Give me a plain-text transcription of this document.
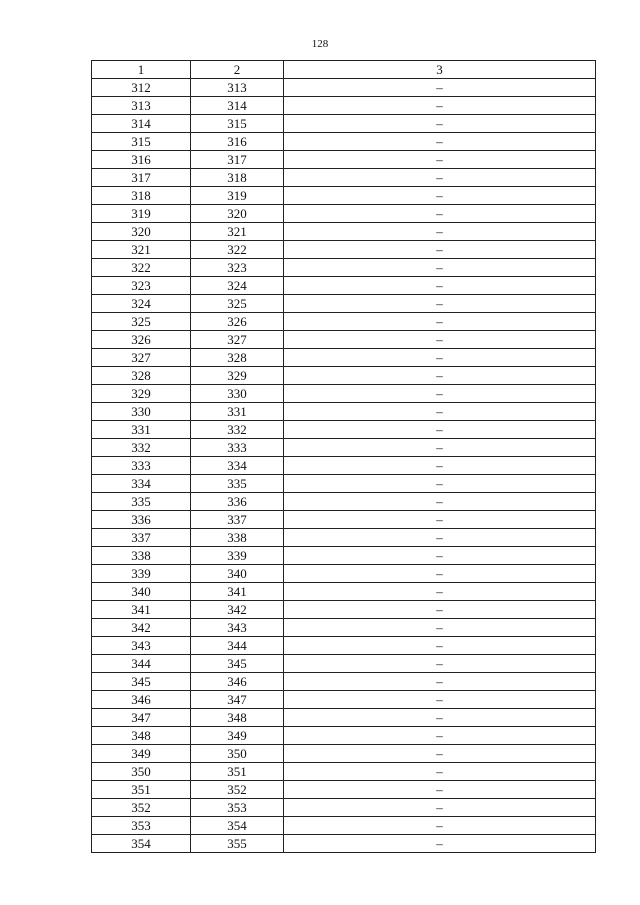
128
1	2	3
312	313	–
313	314	–
314	315	–
315	316	–
316	317	–
317	318	–
318	319	–
319	320	–
320	321	–
321	322	–
322	323	–
323	324	–
324	325	–
325	326	–
326	327	–
327	328	–
328	329	–
329	330	–
330	331	–
331	332	–
332	333	–
333	334	–
334	335	–
335	336	–
336	337	–
337	338	–
338	339	–
339	340	–
340	341	–
341	342	–
342	343	–
343	344	–
344	345	–
345	346	–
346	347	–
347	348	–
348	349	–
349	350	–
350	351	–
351	352	–
352	353	–
353	354	–
354	355	–
